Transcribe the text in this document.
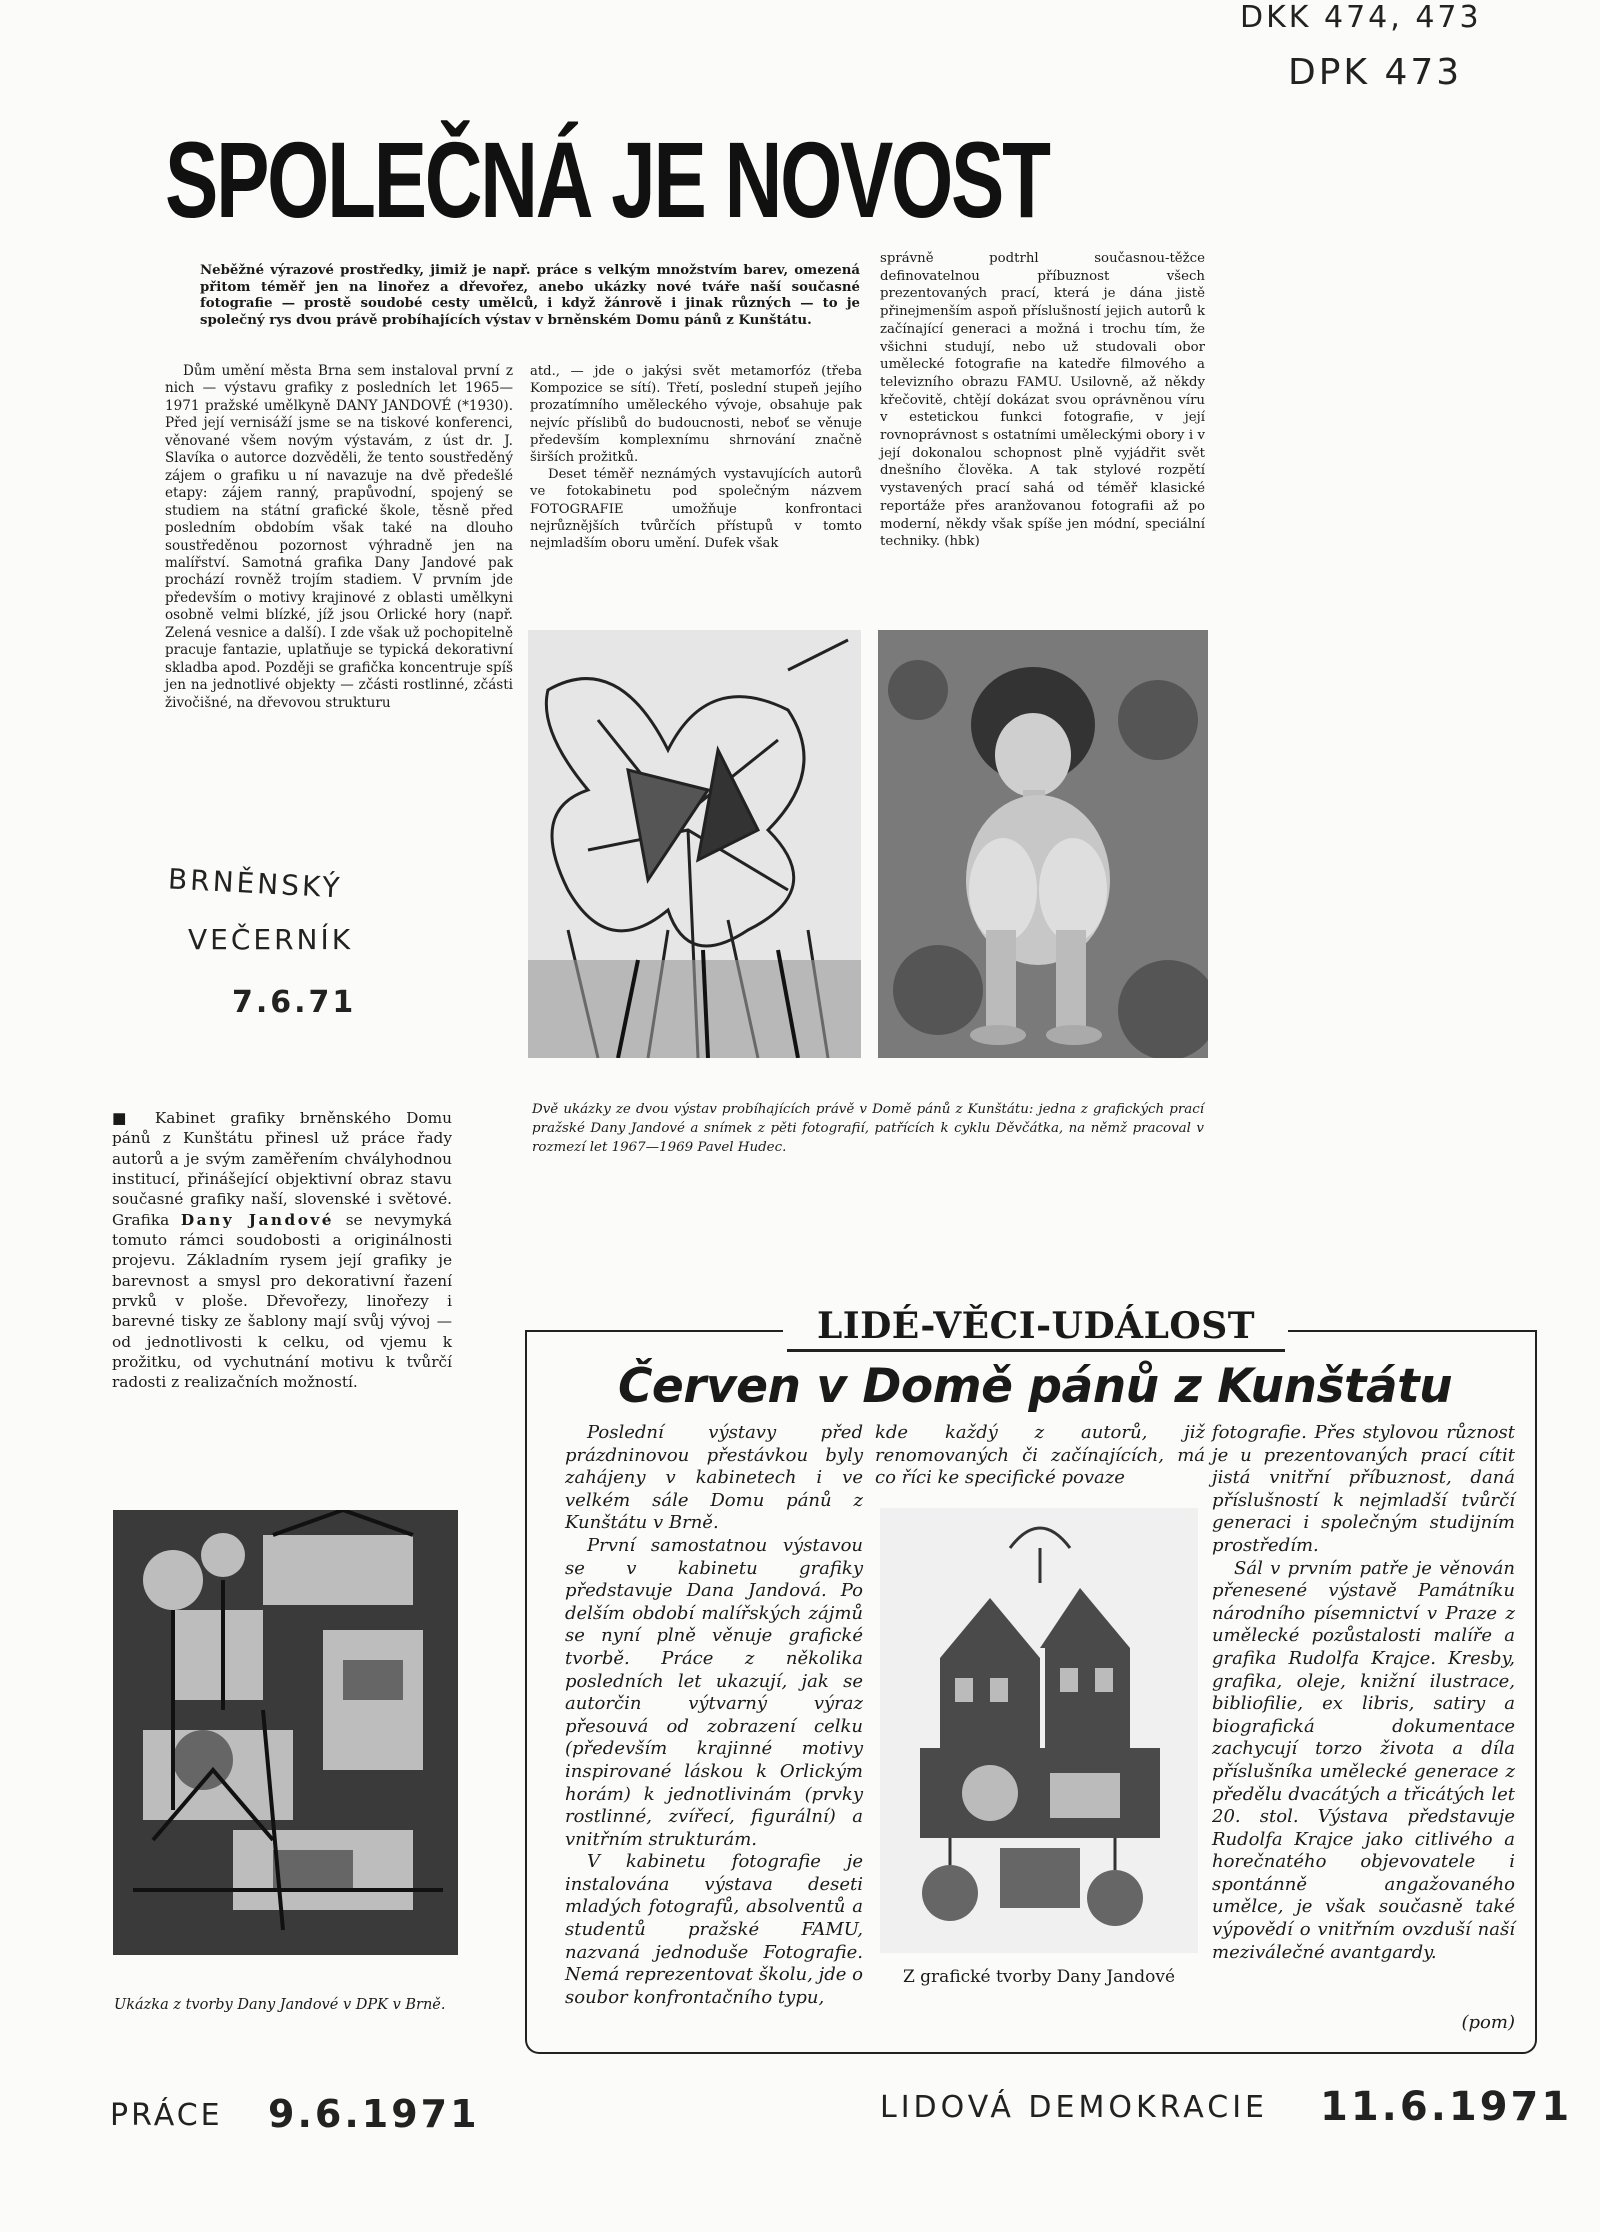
DKK 474, 473
DPK 473
SPOLEČNÁ JE NOVOST
Neběžné výrazové prostředky, jimiž je např. práce s velkým množstvím barev, omezená přitom téměř jen na linořez a dřevořez, anebo ukázky nové tváře naší současné fotografie — prostě soudobé cesty umělců, i když žánrově i jinak různých — to je společný rys dvou právě probíhajících výstav v brněnském Domu pánů z Kunštátu.

Dům umění města Brna sem instaloval první z nich — výstavu grafiky z posledních let 1965—1971 pražské umělkyně DANY JANDOVÉ (*1930). Před její vernisáží jsme se na tiskové konferenci, věnované všem novým výstavám, z úst dr. J. Slavíka o autorce dozvěděli, že tento soustředěný zájem o grafiku u ní navazuje na dvě předešlé etapy: zájem ranný, prapůvodní, spojený se studiem na státní grafické škole, těsně před posledním obdobím však také na dlouho soustředěnou pozornost výhradně jen na malířství. Samotná grafika Dany Jandové pak prochází rovněž trojím stadiem. V prvním jde především o motivy krajinové z oblasti umělkyni osobně velmi blízké, jíž jsou Orlické hory (např. Zelená vesnice a další). I zde však už pochopitelně pracuje fantazie, uplatňuje se typická dekorativní skladba apod. Později se grafička koncentruje spíš jen na jednotlivé objekty — zčásti rostlinné, zčásti živočišné, na dřevovou strukturu

atd., — jde o jakýsi svět metamorfóz (třeba Kompozice se sítí). Třetí, poslední stupeň jejího prozatímního uměleckého vývoje, obsahuje pak nejvíc příslibů do budoucnosti, neboť se věnuje především komplexnímu shrnování značně širších prožitků.

Deset téměř neznámých vystavujících autorů ve fotokabinetu pod společným názvem FOTOGRAFIE umožňuje konfrontaci nejrůznějších tvůrčích přístupů v tomto nejmladším oboru umění. Dufek však

správně podtrhl současnou-těžce definovatelnou příbuznost všech prezentovaných prací, která je dána jistě přinejmenším aspoň příslušností jejich autorů k začínající generaci a možná i trochu tím, že všichni studují, nebo už studovali obor umělecké fotografie na katedře filmového a televizního obrazu FAMU. Usilovně, až někdy křečovitě, chtějí dokázat svou oprávněnou víru v estetickou funkci fotografie, v její rovnoprávnost s ostatními uměleckými obory i v její dokonalou schopnost plně vyjádřit svět dnešního člověka. A tak stylové rozpětí vystavených prací sahá od téměř klasické reportáže přes aranžovanou fotografii až po moderní, někdy však spíše jen módní, speciální techniky. (hbk)

Dvě ukázky ze dvou výstav probíhajících právě v Domě pánů z Kunštátu: jedna z grafických prací pražské Dany Jandové a snímek z pěti fotografií, patřících k cyklu Děvčátka, na němž pracoval v rozmezí let 1967—1969 Pavel Hudec.
BRNĚNSKÝ
VEČERNÍK
7.6.71

■ Kabinet grafiky brněnského Domu pánů z Kunštátu přinesl už práce řady autorů a je svým zaměřením chvályhodnou institucí, přinášející objektivní obraz stavu současné grafiky naší, slovenské i světové. Grafika Dany Jandové se nevymyká tomuto rámci soudobosti a originálnosti projevu. Základním rysem její grafiky je barevnost a smysl pro dekorativní řazení prvků v ploše. Dřevořezy, linořezy i barevné tisky ze šablony mají svůj vývoj — od jednotlivosti k celku, od vjemu k prožitku, od vychutnání motivu k tvůrčí radosti z realizačních možností.

Ukázka z tvorby Dany Jandové v DPK v Brně.
LIDÉ-VĚCI-UDÁLOST
Červen v Domě pánů z Kunštátu

Poslední výstavy před prázdninovou přestávkou byly zahájeny v kabinetech i ve velkém sále Domu pánů z Kunštátu v Brně.

První samostatnou výstavou se v kabinetu grafiky představuje Dana Jandová. Po delším období malířských zájmů se nyní plně věnuje grafické tvorbě. Práce z několika posledních let ukazují, jak se autorčin výtvarný výraz přesouvá od zobrazení celku (především krajinné motivy inspirované láskou k Orlickým horám) k jednotlivinám (prvky rostlinné, zvířecí, figurální) a vnitřním strukturám.

V kabinetu fotografie je instalována výstava deseti mladých fotografů, absolventů a studentů pražské FAMU, nazvaná jednoduše Fotografie. Nemá reprezentovat školu, jde o soubor konfrontačního typu,

kde každý z autorů, již renomovaných či začínajících, má co říci ke specifické povaze

Z grafické tvorby Dany Jandové

fotografie. Přes stylovou různost je u prezentovaných prací cítit jistá vnitřní příbuznost, daná příslušností k nejmladší tvůrčí generaci i společným studijním prostředím.

Sál v prvním patře je věnován přenesené výstavě Památníku národního písemnictví v Praze z umělecké pozůstalosti malíře a grafika Rudolfa Krajce. Kresby, grafika, oleje, knižní ilustrace, bibliofilie, ex libris, satiry a biografická dokumentace zachycují torzo života a díla příslušníka umělecké generace z předělu dvacátých a třicátých let 20. stol. Výstava představuje Rudolfa Krajce jako citlivého a horečnatého objevovatele i spontánně angažovaného umělce, je však současně také výpovědí o vnitřním ovzduší naší meziválečné avantgardy.

(pom)
PRÁCE 9.6.1971	LIDOVÁ DEMOKRACIE 11.6.1971
